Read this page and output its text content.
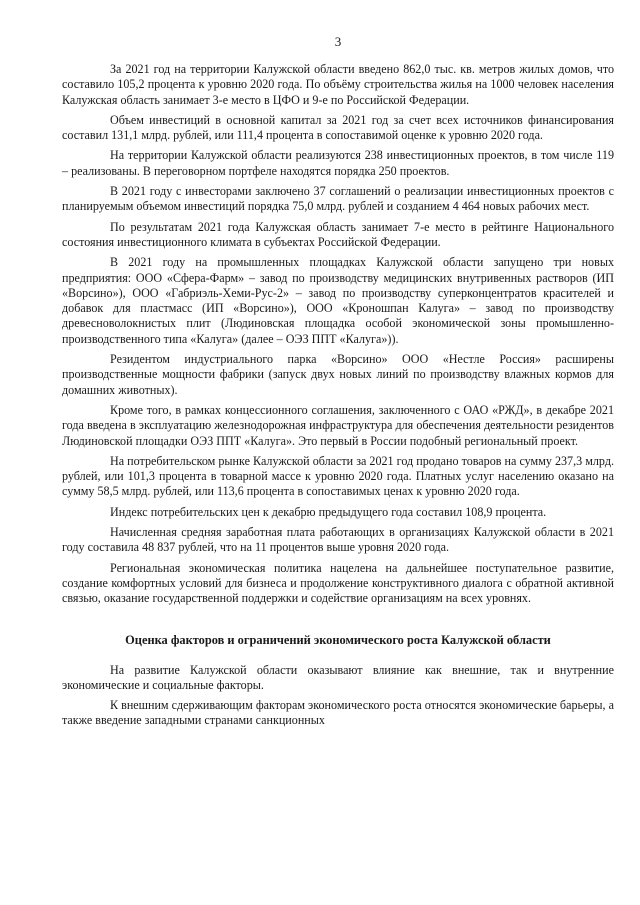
3

За 2021 год на территории Калужской области введено 862,0 тыс. кв. метров жилых домов, что составило 105,2 процента к уровню 2020 года. По объёму строительства жилья на 1000 человек населения Калужская область занимает 3-е место в ЦФО и 9-е по Российской Федерации.

Объем инвестиций в основной капитал за 2021 год за счет всех источников финансирования составил 131,1 млрд. рублей, или 111,4 процента в сопоставимой оценке к уровню 2020 года.

На территории Калужской области реализуются 238 инвестиционных проектов, в том числе 119 – реализованы. В переговорном портфеле находятся порядка 250 проектов.

В 2021 году с инвесторами заключено 37 соглашений о реализации инвестиционных проектов с планируемым объемом инвестиций порядка 75,0 млрд. рублей и созданием 4 464 новых рабочих мест.

По результатам 2021 года Калужская область занимает 7-е место в рейтинге Национального состояния инвестиционного климата в субъектах Российской Федерации.

В 2021 году на промышленных площадках Калужской области запущено три новых предприятия: ООО «Сфера-Фарм» – завод по производству медицинских внутривенных растворов (ИП «Ворсино»), ООО «Габриэль-Хеми-Рус-2» – завод по производству суперконцентратов красителей и добавок для пластмасс (ИП «Ворсино»), ООО «Кроношпан Калуга» – завод по производству древесноволокнистых плит (Людиновская площадка особой экономической зоны промышленно-производственного типа «Калуга» (далее – ОЭЗ ППТ «Калуга»)).

Резидентом индустриального парка «Ворсино» ООО «Нестле Россия» расширены производственные мощности фабрики (запуск двух новых линий по производству влажных кормов для домашних животных).

Кроме того, в рамках концессионного соглашения, заключенного с ОАО «РЖД», в декабре 2021 года введена в эксплуатацию железнодорожная инфраструктура для обеспечения деятельности резидентов Людиновской площадки ОЭЗ ППТ «Калуга». Это первый в России подобный региональный проект.

На потребительском рынке Калужской области за 2021 год продано товаров на сумму 237,3 млрд. рублей, или 101,3 процента в товарной массе к уровню 2020 года. Платных услуг населению оказано на сумму 58,5 млрд. рублей, или 113,6 процента в сопоставимых ценах к уровню 2020 года.

Индекс потребительских цен к декабрю предыдущего года составил 108,9 процента.

Начисленная средняя заработная плата работающих в организациях Калужской области в 2021 году составила 48 837 рублей, что на 11 процентов выше уровня 2020 года.

Региональная экономическая политика нацелена на дальнейшее поступательное развитие, создание комфортных условий для бизнеса и продолжение конструктивного диалога с обратной активной связью, оказание государственной поддержки и содействие организациям на всех уровнях.

Оценка факторов и ограничений экономического роста Калужской области

На развитие Калужской области оказывают влияние как внешние, так и внутренние экономические и социальные факторы.

К внешним сдерживающим факторам экономического роста относятся экономические барьеры, а также введение западными странами санкционных
